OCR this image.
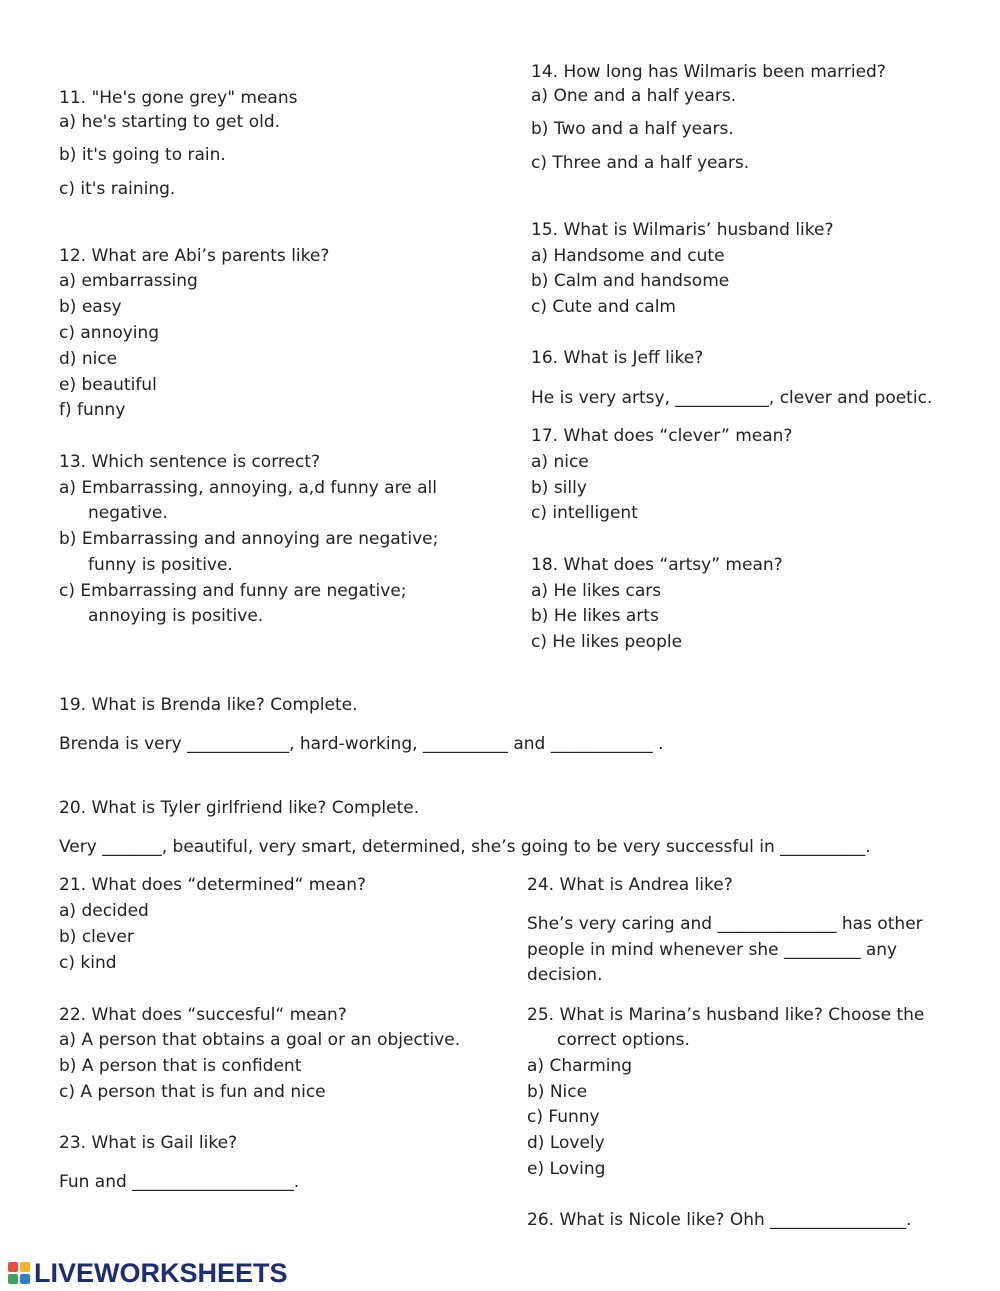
11. "He's gone grey" means
a) he's starting to get old.
b) it's going to rain.
c) it's raining.
12. What are Abi’s parents like?
a) embarrassing
b) easy
c) annoying
d) nice
e) beautiful
f) funny
13. Which sentence is correct?
a) Embarrassing, annoying, a,d funny are all
negative.
b) Embarrassing and annoying are negative;
funny is positive.
c) Embarrassing and funny are negative;
annoying is positive.
14. How long has Wilmaris been married?
a) One and a half years.
b) Two and a half years.
c) Three and a half years.
15. What is Wilmaris’ husband like?
a) Handsome and cute
b) Calm and handsome
c) Cute and calm
16. What is Jeff like?
He is very artsy, ___________, clever and poetic.
17. What does “clever” mean?
a) nice
b) silly
c) intelligent
18. What does “artsy” mean?
a) He likes cars
b) He likes arts
c) He likes people
19. What is Brenda like? Complete.
Brenda is very ____________, hard-working, __________ and ____________ .
20. What is Tyler girlfriend like? Complete.
Very _______, beautiful, very smart, determined, she’s going to be very successful in __________.
21. What does “determined“ mean?
a) decided
b) clever
c) kind
22. What does “succesful“ mean?
a) A person that obtains a goal or an objective.
b) A person that is confident
c) A person that is fun and nice
23. What is Gail like?
Fun and ___________________.
24. What is Andrea like?
She’s very caring and ______________ has other
people in mind whenever she _________ any
decision.
25. What is Marina’s husband like? Choose the
correct options.
a) Charming
b) Nice
c) Funny
d) Lovely
e) Loving
26. What is Nicole like? Ohh ________________.
LIVEWORKSHEETS
